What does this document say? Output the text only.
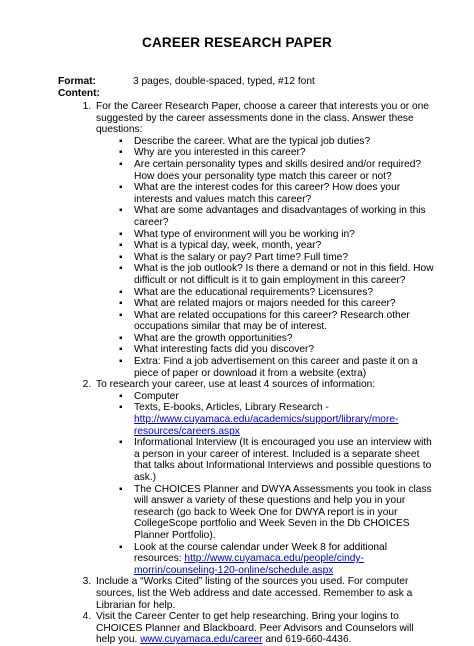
CAREER RESEARCH PAPER
Format:	3 pages, double-spaced, typed, #12 font
Content:
1. For the Career Research Paper, choose a career that interests you or one suggested by the career assessments done in the class. Answer these questions:
▪ Describe the career. What are the typical job duties?
▪ Why are you interested in this career?
▪ Are certain personality types and skills desired and/or required? How does your personality type match this career or not?
▪ What are the interest codes for this career? How does your interests and values match this career?
▪ What are some advantages and disadvantages of working in this career?
▪ What type of environment will you be working in?
▪ What is a typical day, week, month, year?
▪ What is the salary or pay? Part time? Full time?
▪ What is the job outlook? Is there a demand or not in this field. How difficult or not difficult is it to gain employment in this career?
▪ What are the educational requirements? Licensures?
▪ What are related majors or majors needed for this career?
▪ What are related occupations for this career? Research other occupations similar that may be of interest.
▪ What are the growth opportunities?
▪ What interesting facts did you discover?
▪ Extra: Find a job advertisement on this career and paste it on a piece of paper or download it from a website (extra)
2. To research your career, use at least 4 sources of information:
▪ Computer
▪ Texts, E-books, Articles, Library Research - http://www.cuyamaca.edu/academics/support/library/more-resources/careers.aspx
▪ Informational Interview (It is encouraged you use an interview with a person in your career of interest. Included is a separate sheet that talks about Informational Interviews and possible questions to ask.)
▪ The CHOICES Planner and DWYA Assessments you took in class will answer a variety of these questions and help you in your research (go back to Week One for DWYA report is in your CollegeScope portfolio and Week Seven in the Db CHOICES Planner Portfolio).
▪ Look at the course calendar under Week 8 for additional resources: http://www.cuyamaca.edu/people/cindy-morrin/counseling-120-online/schedule.aspx
3. Include a “Works Cited” listing of the sources you used. For computer sources, list the Web address and date accessed. Remember to ask a Librarian for help.
4. Visit the Career Center to get help researching. Bring your logins to CHOICES Planner and Blackboard. Peer Advisors and Counselors will help you. www.cuyamaca.edu/career and 619-660-4436.
